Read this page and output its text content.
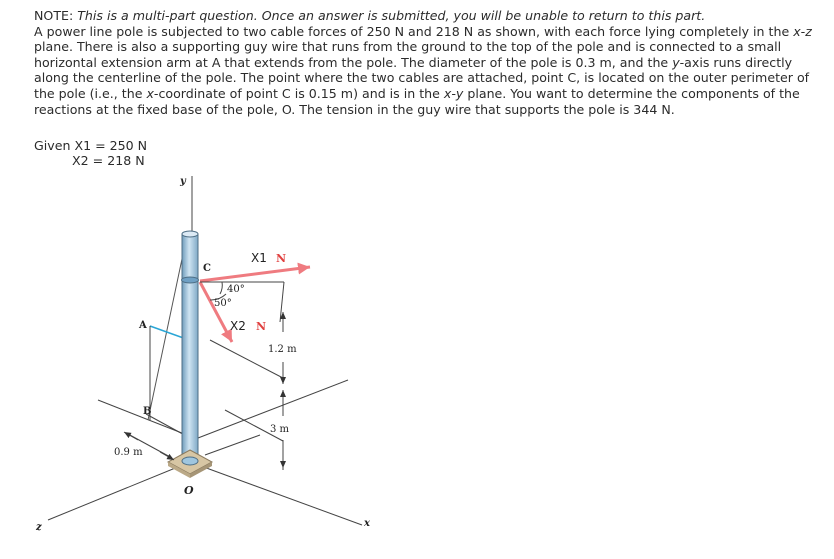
NOTE: This is a multi-part question. Once an answer is submitted, you will be unable to return to this part.

A power line pole is subjected to two cable forces of 250 N and 218 N as shown, with each force lying completely in the x-z plane. There is also a supporting guy wire that runs from the ground to the top of the pole and is connected to a small horizontal extension arm at A that extends from the pole. The diameter of the pole is 0.3 m, and the y-axis runs directly along the centerline of the pole. The point where the two cables are attached, point C, is located on the outer perimeter of the pole (i.e., the x-coordinate of point C is 0.15 m) and is in the x-y plane. You want to determine the components of the reactions at the fixed base of the pole, O. The tension in the guy wire that supports the pole is 344 N.

Given X1 = 250 N
X2 = 218 N
y
x
z
C
A
B
O
X1 N
X2 N
40°
50°
1.2 m
3 m
0.9 m
